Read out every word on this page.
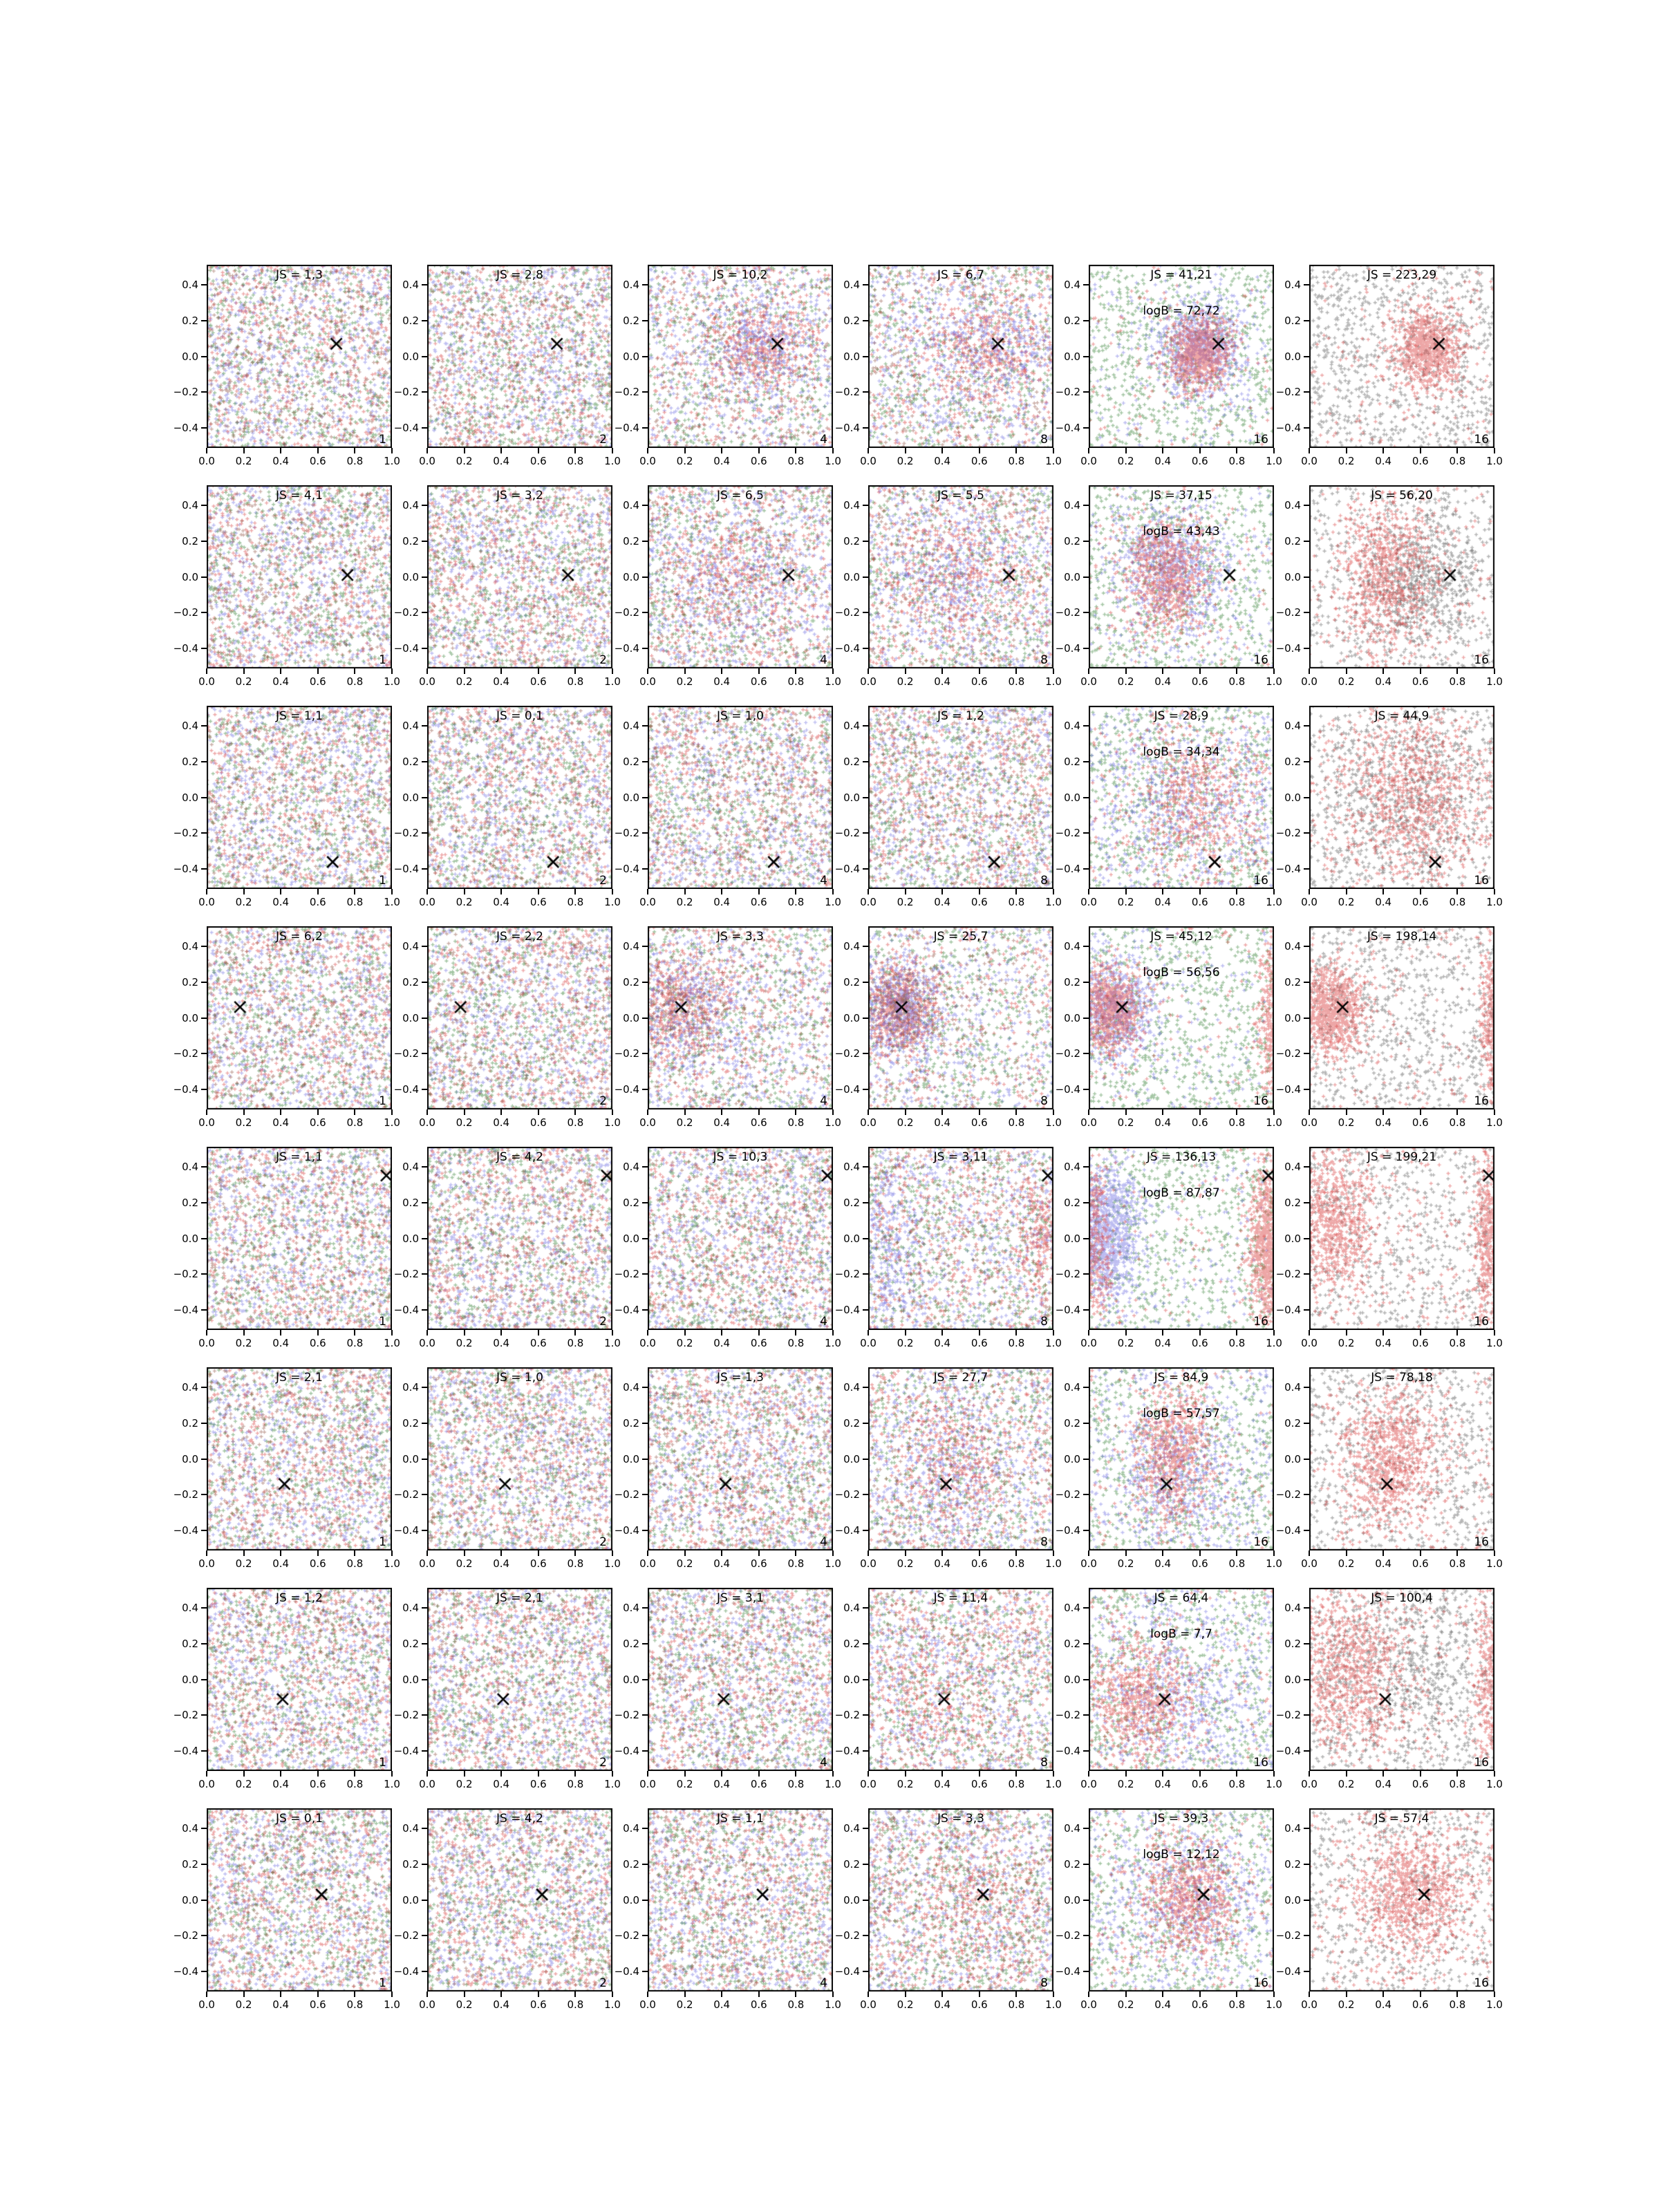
JS = 1,3
1
0.0	0.2	0.4	0.6	0.8	1.0
0.4
0.2
0.0
−0.2
−0.4
JS = 2,8
2
0.0	0.2	0.4	0.6	0.8	1.0
0.4
0.2
0.0
−0.2
−0.4
JS = 10,2
4
0.0	0.2	0.4	0.6	0.8	1.0
0.4
0.2
0.0
−0.2
−0.4
JS = 6,7
8
0.0	0.2	0.4	0.6	0.8	1.0
0.4
0.2
0.0
−0.2
−0.4
JS = 41,21
logB = 72,72
16
0.0	0.2	0.4	0.6	0.8	1.0
0.4
0.2
0.0
−0.2
−0.4
JS = 223,29
16
0.0	0.2	0.4	0.6	0.8	1.0
0.4
0.2
0.0
−0.2
−0.4
JS = 4,1
1
0.0	0.2	0.4	0.6	0.8	1.0
0.4
0.2
0.0
−0.2
−0.4
JS = 3,2
2
0.0	0.2	0.4	0.6	0.8	1.0
0.4
0.2
0.0
−0.2
−0.4
JS = 6,5
4
0.0	0.2	0.4	0.6	0.8	1.0
0.4
0.2
0.0
−0.2
−0.4
JS = 5,5
8
0.0	0.2	0.4	0.6	0.8	1.0
0.4
0.2
0.0
−0.2
−0.4
JS = 37,15
logB = 43,43
16
0.0	0.2	0.4	0.6	0.8	1.0
0.4
0.2
0.0
−0.2
−0.4
JS = 56,20
16
0.0	0.2	0.4	0.6	0.8	1.0
0.4
0.2
0.0
−0.2
−0.4
JS = 1,1
1
0.0	0.2	0.4	0.6	0.8	1.0
0.4
0.2
0.0
−0.2
−0.4
JS = 0,1
2
0.0	0.2	0.4	0.6	0.8	1.0
0.4
0.2
0.0
−0.2
−0.4
JS = 1,0
4
0.0	0.2	0.4	0.6	0.8	1.0
0.4
0.2
0.0
−0.2
−0.4
JS = 1,2
8
0.0	0.2	0.4	0.6	0.8	1.0
0.4
0.2
0.0
−0.2
−0.4
JS = 28,9
logB = 34,34
16
0.0	0.2	0.4	0.6	0.8	1.0
0.4
0.2
0.0
−0.2
−0.4
JS = 44,9
16
0.0	0.2	0.4	0.6	0.8	1.0
0.4
0.2
0.0
−0.2
−0.4
JS = 6,2
1
0.0	0.2	0.4	0.6	0.8	1.0
0.4
0.2
0.0
−0.2
−0.4
JS = 2,2
2
0.0	0.2	0.4	0.6	0.8	1.0
0.4
0.2
0.0
−0.2
−0.4
JS = 3,3
4
0.0	0.2	0.4	0.6	0.8	1.0
0.4
0.2
0.0
−0.2
−0.4
JS = 25,7
8
0.0	0.2	0.4	0.6	0.8	1.0
0.4
0.2
0.0
−0.2
−0.4
JS = 45,12
logB = 56,56
16
0.0	0.2	0.4	0.6	0.8	1.0
0.4
0.2
0.0
−0.2
−0.4
JS = 198,14
16
0.0	0.2	0.4	0.6	0.8	1.0
0.4
0.2
0.0
−0.2
−0.4
JS = 1,1
1
0.0	0.2	0.4	0.6	0.8	1.0
0.4
0.2
0.0
−0.2
−0.4
JS = 4,2
2
0.0	0.2	0.4	0.6	0.8	1.0
0.4
0.2
0.0
−0.2
−0.4
JS = 10,3
4
0.0	0.2	0.4	0.6	0.8	1.0
0.4
0.2
0.0
−0.2
−0.4
JS = 3,11
8
0.0	0.2	0.4	0.6	0.8	1.0
0.4
0.2
0.0
−0.2
−0.4
JS = 136,13
logB = 87,87
16
0.0	0.2	0.4	0.6	0.8	1.0
0.4
0.2
0.0
−0.2
−0.4
JS = 199,21
16
0.0	0.2	0.4	0.6	0.8	1.0
0.4
0.2
0.0
−0.2
−0.4
JS = 2,1
1
0.0	0.2	0.4	0.6	0.8	1.0
0.4
0.2
0.0
−0.2
−0.4
JS = 1,0
2
0.0	0.2	0.4	0.6	0.8	1.0
0.4
0.2
0.0
−0.2
−0.4
JS = 1,3
4
0.0	0.2	0.4	0.6	0.8	1.0
0.4
0.2
0.0
−0.2
−0.4
JS = 27,7
8
0.0	0.2	0.4	0.6	0.8	1.0
0.4
0.2
0.0
−0.2
−0.4
JS = 84,9
logB = 57,57
16
0.0	0.2	0.4	0.6	0.8	1.0
0.4
0.2
0.0
−0.2
−0.4
JS = 78,18
16
0.0	0.2	0.4	0.6	0.8	1.0
0.4
0.2
0.0
−0.2
−0.4
JS = 1,2
1
0.0	0.2	0.4	0.6	0.8	1.0
0.4
0.2
0.0
−0.2
−0.4
JS = 2,1
2
0.0	0.2	0.4	0.6	0.8	1.0
0.4
0.2
0.0
−0.2
−0.4
JS = 3,1
4
0.0	0.2	0.4	0.6	0.8	1.0
0.4
0.2
0.0
−0.2
−0.4
JS = 11,4
8
0.0	0.2	0.4	0.6	0.8	1.0
0.4
0.2
0.0
−0.2
−0.4
JS = 64,4
logB = 7,7
16
0.0	0.2	0.4	0.6	0.8	1.0
0.4
0.2
0.0
−0.2
−0.4
JS = 100,4
16
0.0	0.2	0.4	0.6	0.8	1.0
0.4
0.2
0.0
−0.2
−0.4
JS = 0,1
1
0.0	0.2	0.4	0.6	0.8	1.0
0.4
0.2
0.0
−0.2
−0.4
JS = 4,2
2
0.0	0.2	0.4	0.6	0.8	1.0
0.4
0.2
0.0
−0.2
−0.4
JS = 1,1
4
0.0	0.2	0.4	0.6	0.8	1.0
0.4
0.2
0.0
−0.2
−0.4
JS = 3,3
8
0.0	0.2	0.4	0.6	0.8	1.0
0.4
0.2
0.0
−0.2
−0.4
JS = 39,3
logB = 12,12
16
0.0	0.2	0.4	0.6	0.8	1.0
0.4
0.2
0.0
−0.2
−0.4
JS = 57,4
16
0.0	0.2	0.4	0.6	0.8	1.0
0.4
0.2
0.0
−0.2
−0.4
